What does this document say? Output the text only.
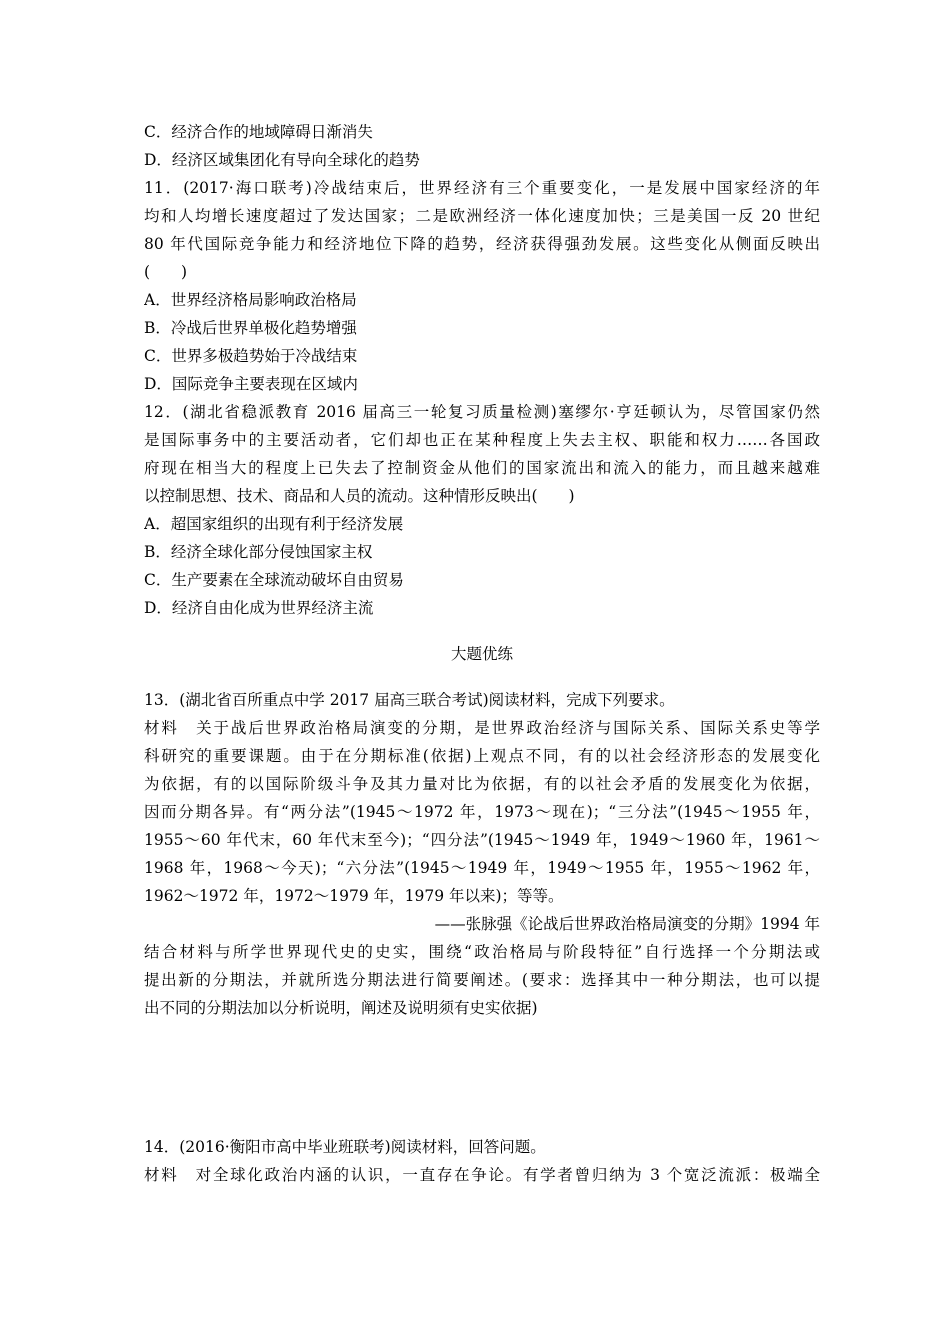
C．经济合作的地域障碍日渐消失
D．经济区域集团化有导向全球化的趋势
11．(2017·海口联考)冷战结束后，世界经济有三个重要变化，一是发展中国家经济的年
均和人均增长速度超过了发达国家；二是欧洲经济一体化速度加快；三是美国一反 20 世纪
80 年代国际竞争能力和经济地位下降的趋势，经济获得强劲发展。这些变化从侧面反映出
(　　)
A．世界经济格局影响政治格局
B．冷战后世界单极化趋势增强
C．世界多极趋势始于冷战结束
D．国际竞争主要表现在区域内
12．(湖北省稳派教育 2016 届高三一轮复习质量检测)塞缪尔·亨廷顿认为，尽管国家仍然
是国际事务中的主要活动者，它们却也正在某种程度上失去主权、职能和权力……各国政
府现在相当大的程度上已失去了控制资金从他们的国家流出和流入的能力，而且越来越难
以控制思想、技术、商品和人员的流动。这种情形反映出(　　)
A．超国家组织的出现有利于经济发展
B．经济全球化部分侵蚀国家主权
C．生产要素在全球流动破坏自由贸易
D．经济自由化成为世界经济主流
大题优练
13．(湖北省百所重点中学 2017 届高三联合考试)阅读材料，完成下列要求。
材料　关于战后世界政治格局演变的分期，是世界政治经济与国际关系、国际关系史等学
科研究的重要课题。由于在分期标准(依据)上观点不同，有的以社会经济形态的发展变化
为依据，有的以国际阶级斗争及其力量对比为依据，有的以社会矛盾的发展变化为依据，
因而分期各异。有“两分法”(1945～1972 年，1973～现在)；“三分法”(1945～1955 年，
1955～60 年代末，60 年代末至今)；“四分法”(1945～1949 年，1949～1960 年，1961～
1968 年，1968～今天)；“六分法”(1945～1949 年，1949～1955 年，1955～1962 年，
1962～1972 年，1972～1979 年，1979 年以来)；等等。
——张脉强《论战后世界政治格局演变的分期》1994 年
结合材料与所学世界现代史的史实，围绕“政治格局与阶段特征”自行选择一个分期法或
提出新的分期法，并就所选分期法进行简要阐述。(要求：选择其中一种分期法，也可以提
出不同的分期法加以分析说明，阐述及说明须有史实依据)
14．(2016·衡阳市高中毕业班联考)阅读材料，回答问题。
材料　对全球化政治内涵的认识，一直存在争论。有学者曾归纳为 3 个宽泛流派：极端全
